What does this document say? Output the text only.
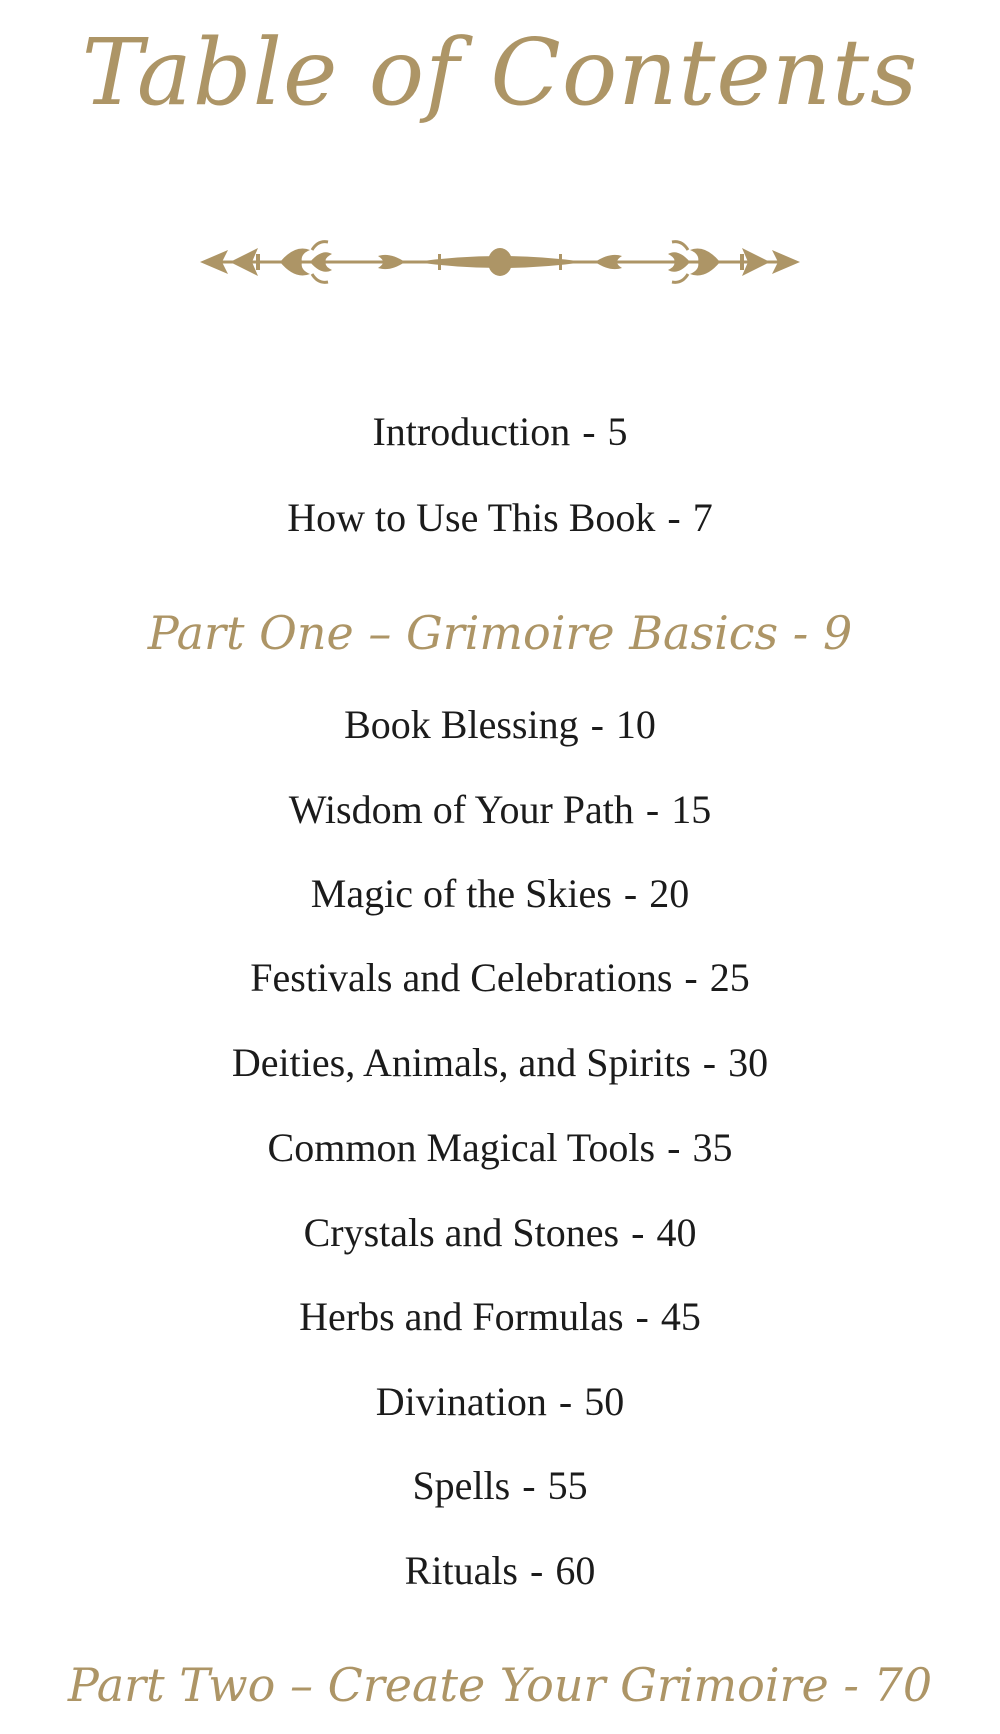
Table of Contents
Introduction - 5
How to Use This Book - 7
Part One – Grimoire Basics - 9
Book Blessing - 10
Wisdom of Your Path - 15
Magic of the Skies - 20
Festivals and Celebrations - 25
Deities, Animals, and Spirits - 30
Common Magical Tools - 35
Crystals and Stones - 40
Herbs and Formulas - 45
Divination - 50
Spells - 55
Rituals - 60
Part Two – Create Your Grimoire - 70
